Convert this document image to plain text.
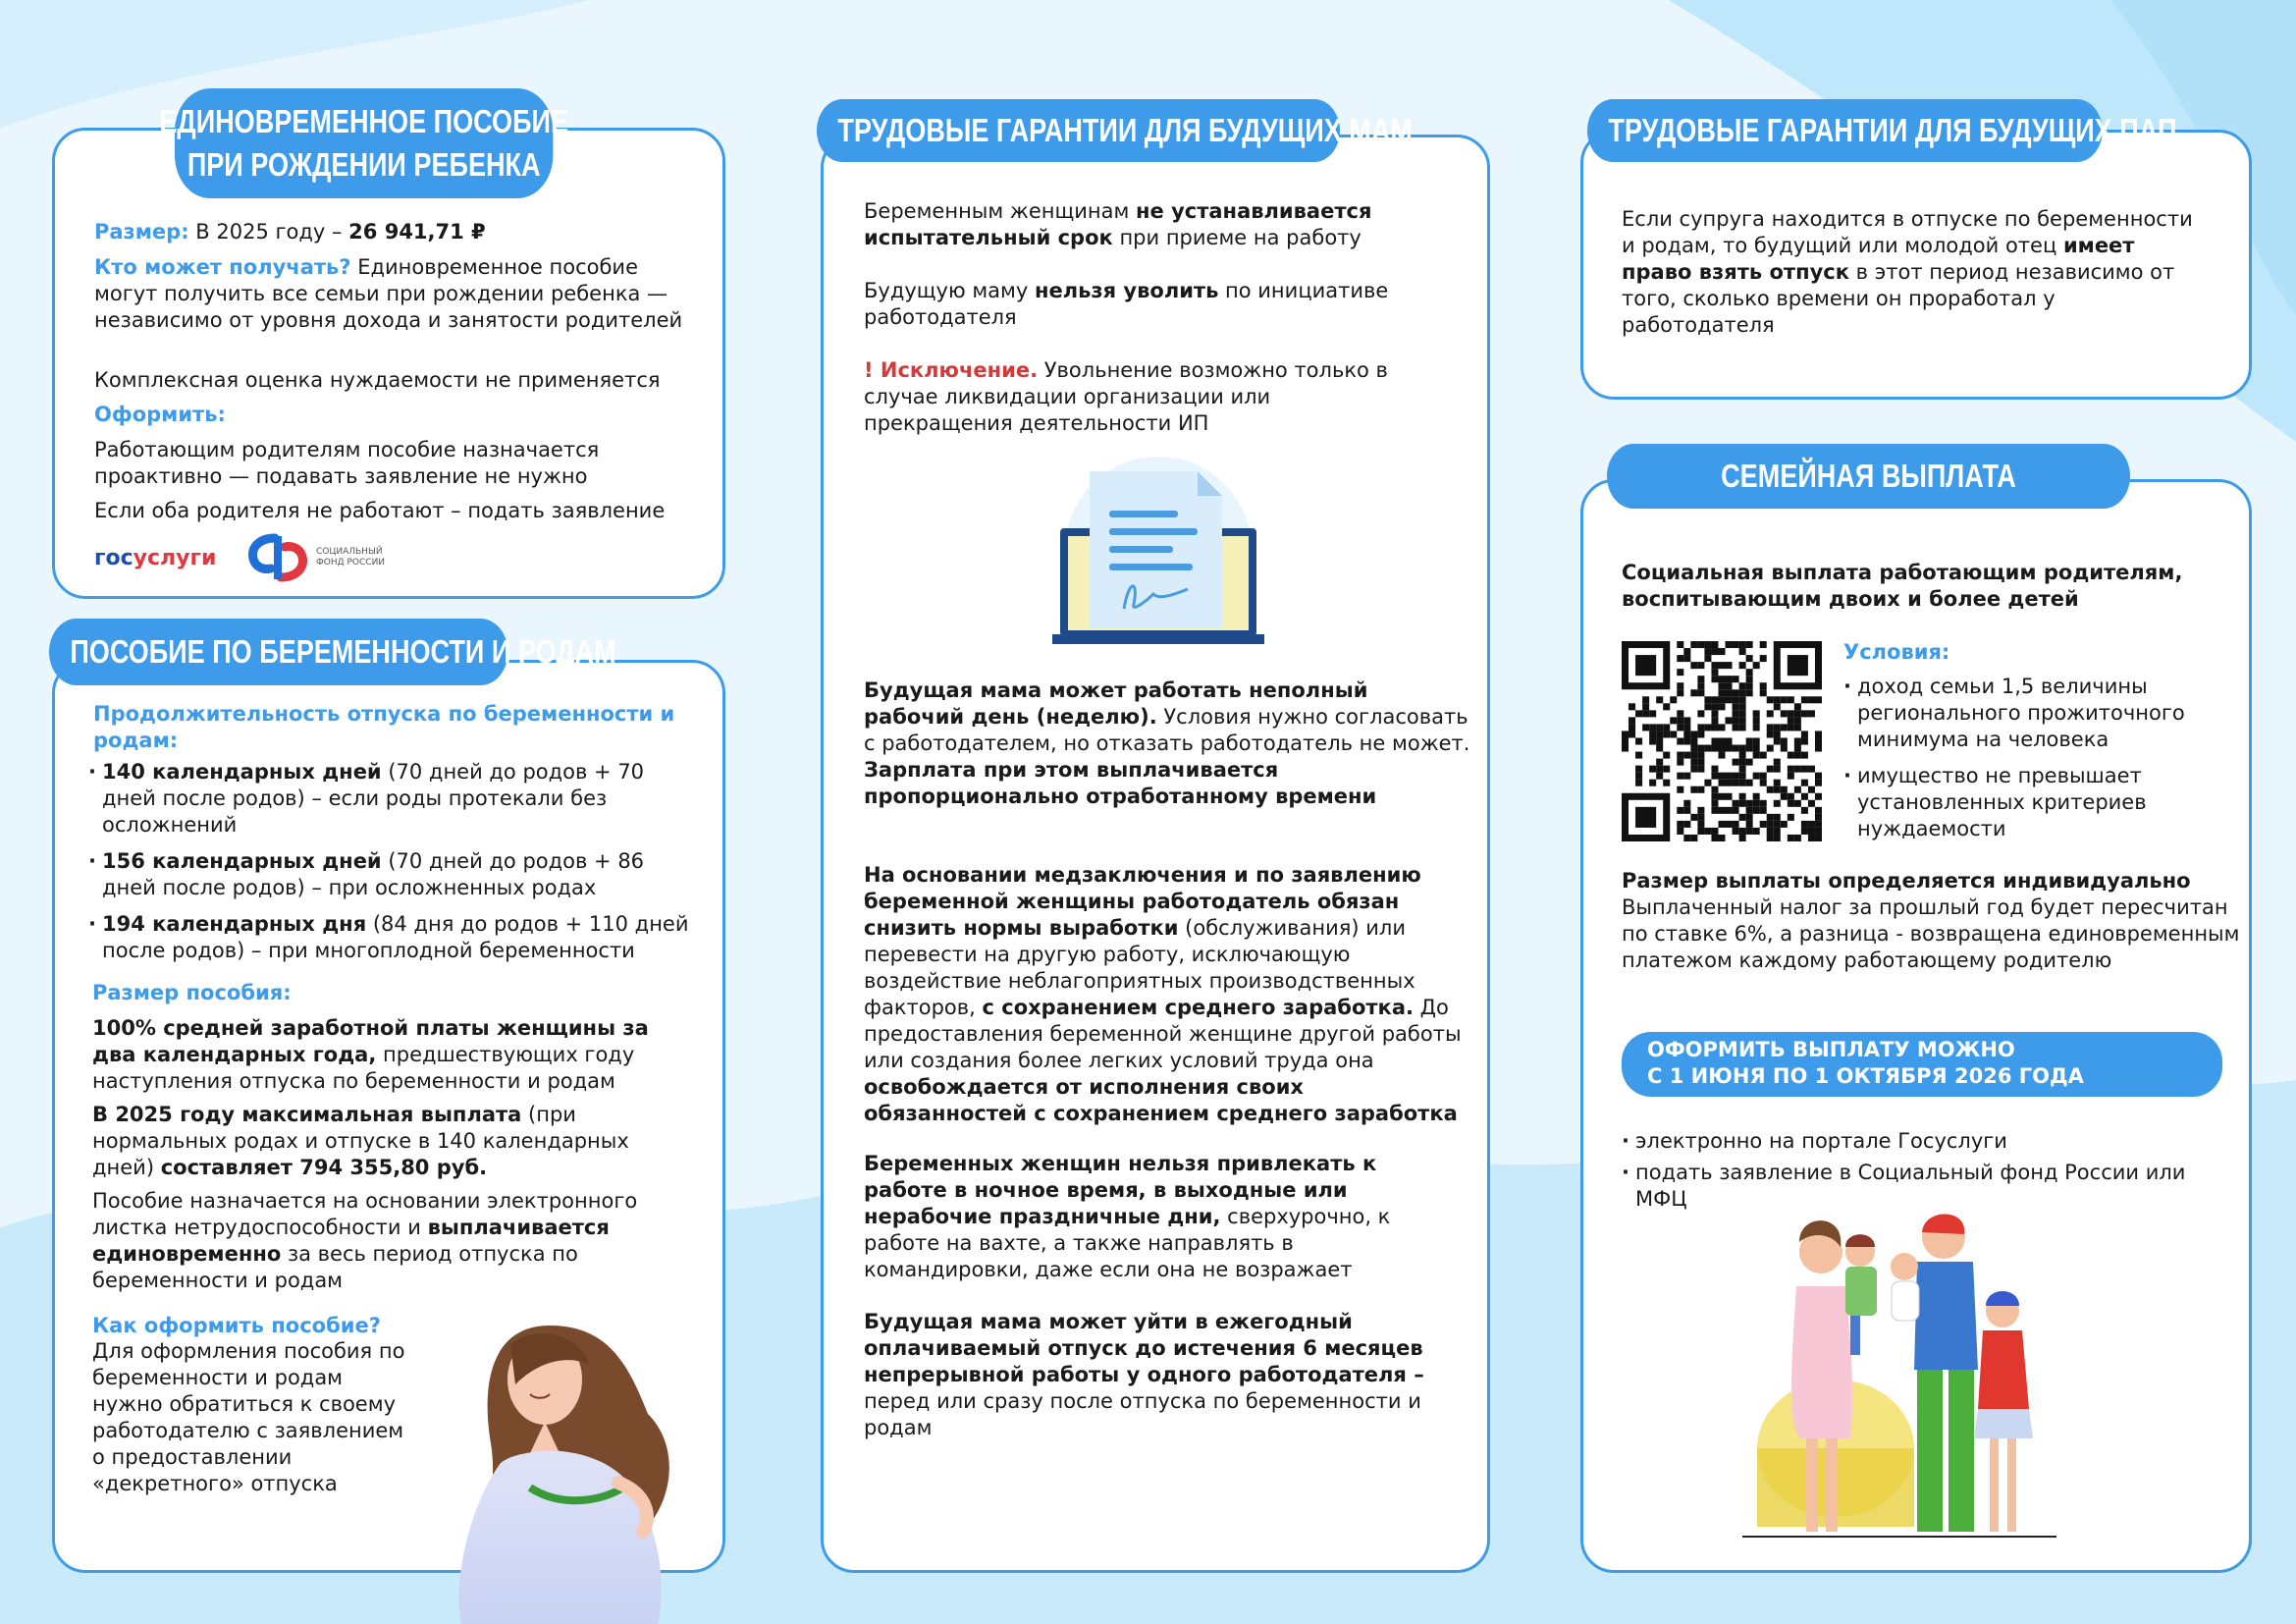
ЕДИНОВРЕМЕННОЕ ПОСОБИЕ
ПРИ РОЖДЕНИИ РЕБЕНКА
Размер: В 2025 году – 26 941,71 ₽
Кто может получать? Единовременное пособие могут получить все семьи при рождении ребенка — независимо от уровня дохода и занятости родителей
Комплексная оценка нуждаемости не применяется
Оформить:
Работающим родителям пособие назначается проактивно — подавать заявление не нужно
Если оба родителя не работают – подать заявление
госуслуги	СОЦИАЛЬНЫЙ
ФОНД РОССИИ
ПОСОБИЕ ПО БЕРЕМЕННОСТИ И РОДАМ
Продолжительность отпуска по беременности и родам:
· 140 календарных дней (70 дней до родов + 70 дней после родов) – если роды протекали без осложнений
· 156 календарных дней (70 дней до родов + 86 дней после родов) – при осложненных родах
· 194 календарных дня (84 дня до родов + 110 дней после родов) – при многоплодной беременности
Размер пособия:
100% средней заработной платы женщины за два календарных года, предшествующих году наступления отпуска по беременности и родам
В 2025 году максимальная выплата (при нормальных родах и отпуске в 140 календарных дней) составляет 794 355,80 руб.
Пособие назначается на основании электронного листка нетрудоспособности и выплачивается единовременно за весь период отпуска по беременности и родам
Как оформить пособие?
Для оформления пособия по беременности и родам нужно обратиться к своему работодателю с заявлением о предоставлении «декретного» отпуска
ТРУДОВЫЕ ГАРАНТИИ ДЛЯ БУДУЩИХ МАМ
Беременным женщинам не устанавливается испытательный срок при приеме на работу
Будущую маму нельзя уволить по инициативе работодателя
! Исключение. Увольнение возможно только в случае ликвидации организации или прекращения деятельности ИП
Будущая мама может работать неполный рабочий день (неделю). Условия нужно согласовать с работодателем, но отказать работодатель не может. Зарплата при этом выплачивается пропорционально отработанному времени
На основании медзаключения и по заявлению беременной женщины работодатель обязан снизить нормы выработки (обслуживания) или перевести на другую работу, исключающую воздействие неблагоприятных производственных факторов, с сохранением среднего заработка. До предоставления беременной женщине другой работы или создания более легких условий труда она освобождается от исполнения своих обязанностей с сохранением среднего заработка
Беременных женщин нельзя привлекать к работе в ночное время, в выходные или нерабочие праздничные дни, сверхурочно, к работе на вахте, а также направлять в командировки, даже если она не возражает
Будущая мама может уйти в ежегодный оплачиваемый отпуск до истечения 6 месяцев непрерывной работы у одного работодателя – перед или сразу после отпуска по беременности и родам
ТРУДОВЫЕ ГАРАНТИИ ДЛЯ БУДУЩИХ ПАП
Если супруга находится в отпуске по беременности и родам, то будущий или молодой отец имеет право взять отпуск в этот период независимо от того, сколько времени он проработал у работодателя
СЕМЕЙНАЯ ВЫПЛАТА
Социальная выплата работающим родителям, воспитывающим двоих и более детей
Условия:
· доход семьи 1,5 величины регионального прожиточного минимума на человека
· имущество не превышает установленных критериев нуждаемости
Размер выплаты определяется индивидуально
Выплаченный налог за прошлый год будет пересчитан по ставке 6%, а разница - возвращена единовременным платежом каждому работающему родителю
ОФОРМИТЬ ВЫПЛАТУ МОЖНО
С 1 ИЮНЯ ПО 1 ОКТЯБРЯ 2026 ГОДА
· электронно на портале Госуслуги
· подать заявление в Социальный фонд России или МФЦ
